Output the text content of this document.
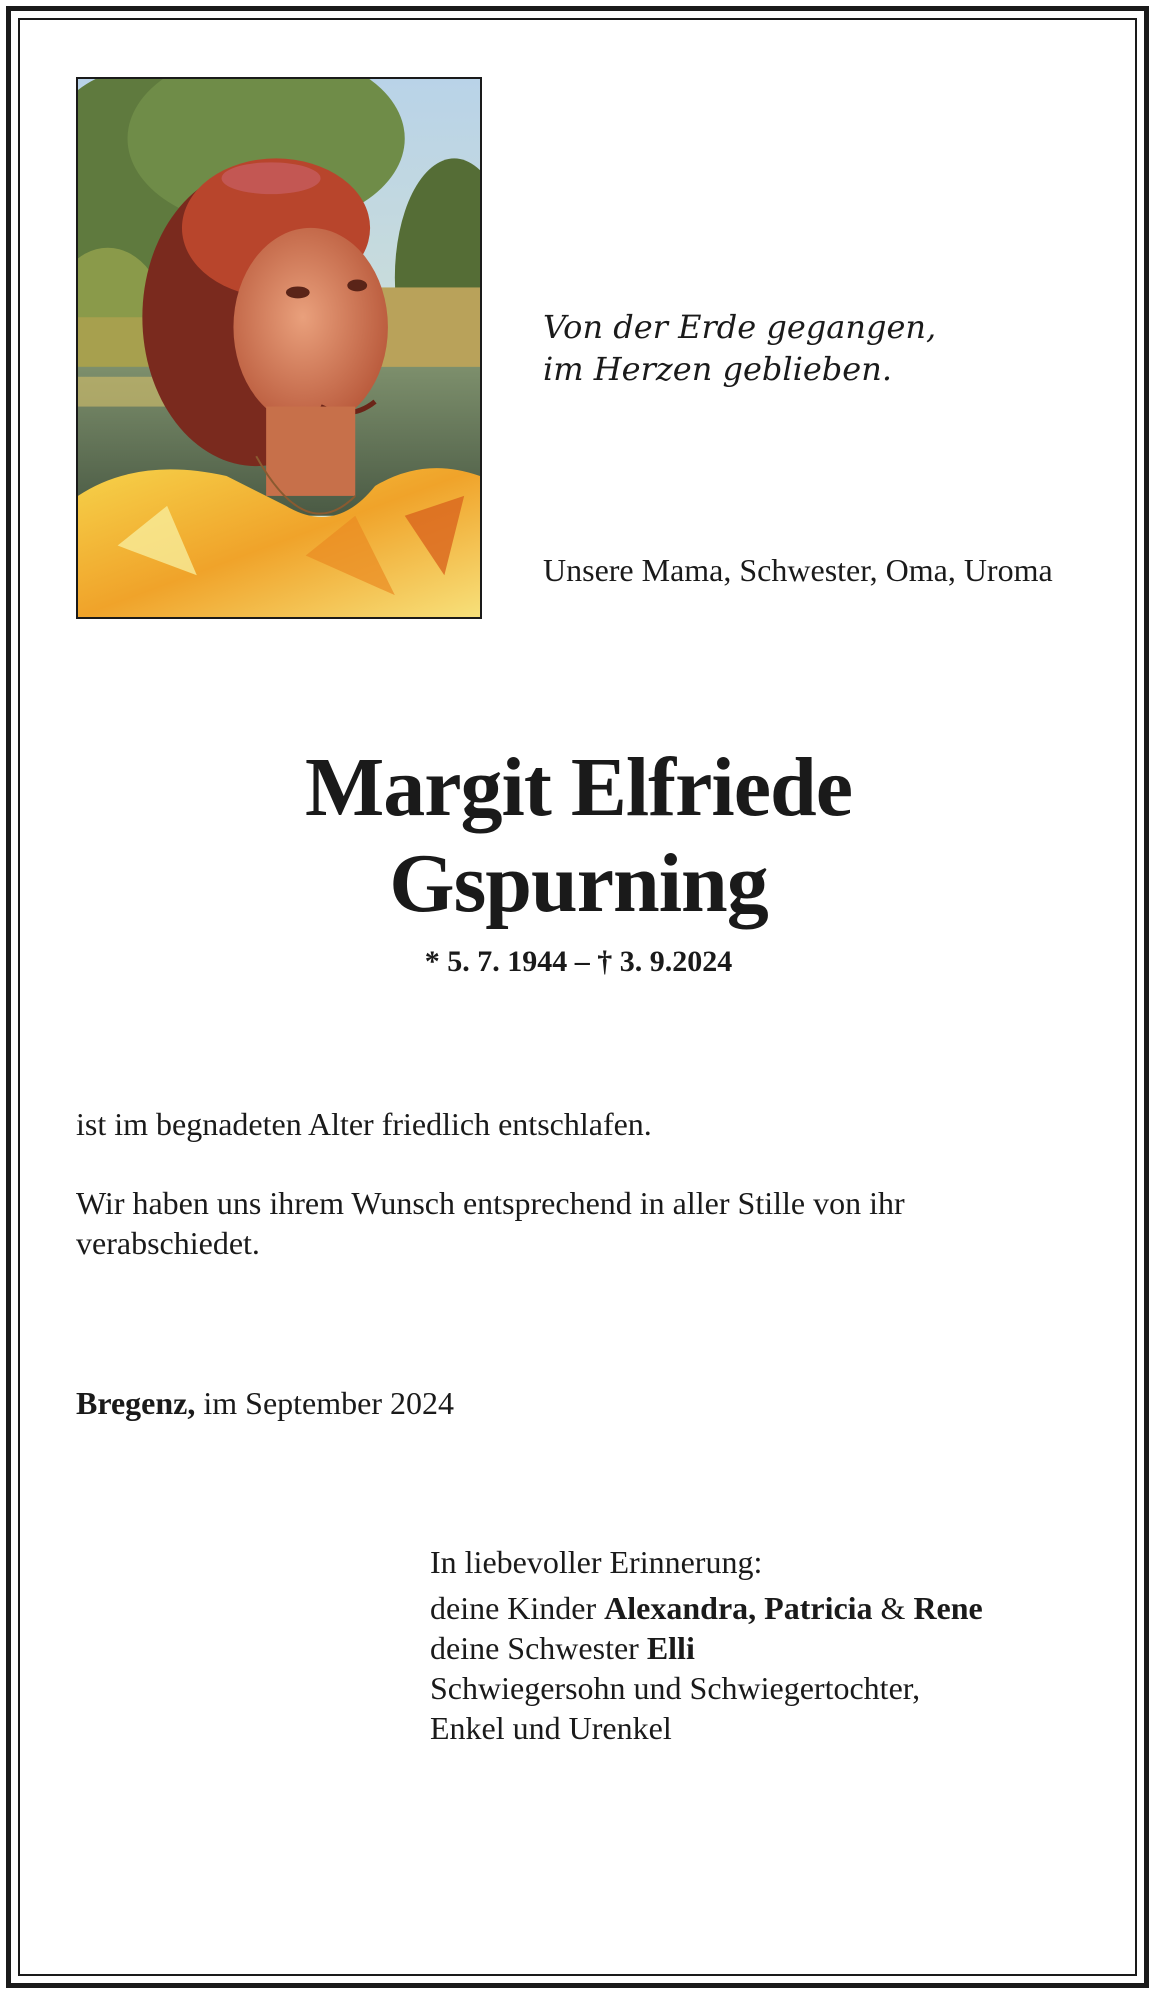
Von der Erde gegangen,
im Herzen geblieben.
Unsere Mama, Schwester, Oma, Uroma
Margit Elfriede
Gspurning
* 5. 7. 1944 – † 3. 9.2024
ist im begnadeten Alter friedlich entschlafen.
Wir haben uns ihrem Wunsch entsprechend in aller Stille von ihr verabschiedet.
Bregenz, im September 2024
In liebevoller Erinnerung:
deine Kinder Alexandra, Patricia & Rene
deine Schwester Elli
Schwiegersohn und Schwiegertochter,
Enkel und Urenkel
